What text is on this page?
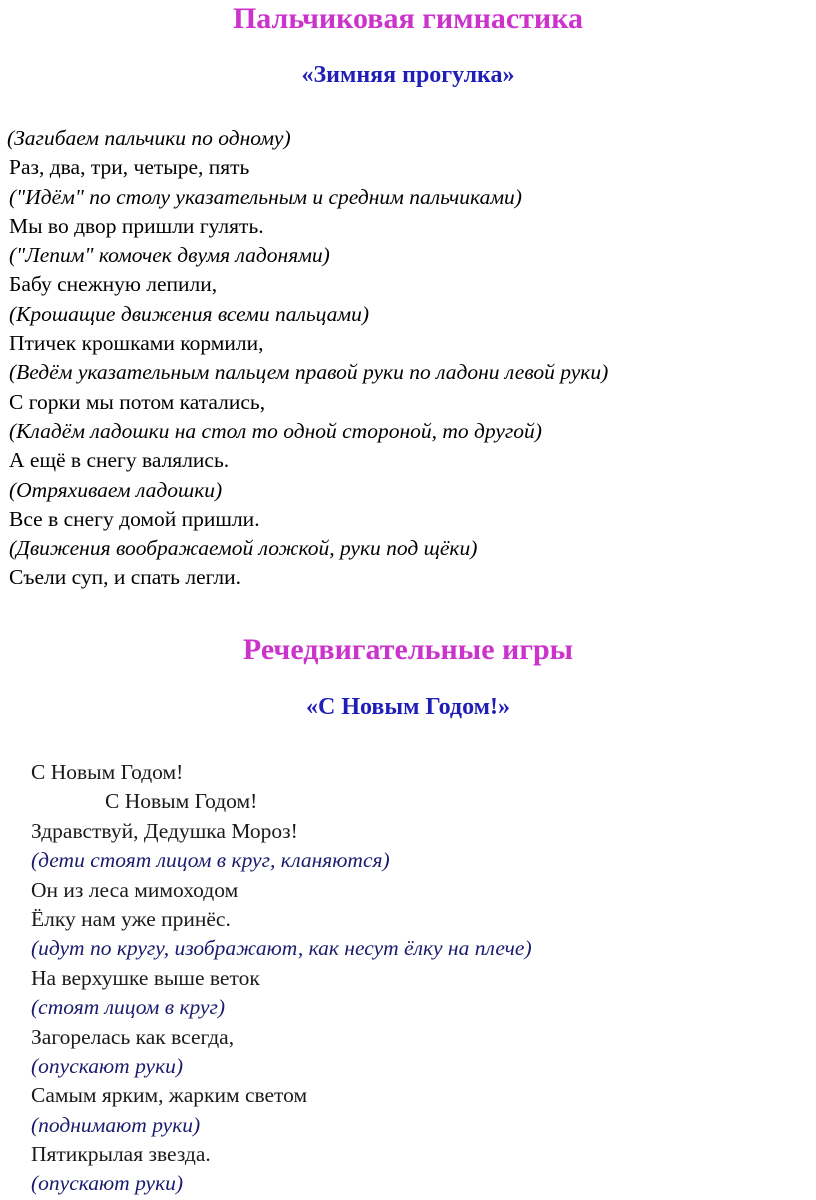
Пальчиковая гимнастика
«Зимняя прогулка»
(Загибаем пальчики по одному)
Раз, два, три, четыре, пять
("Идём" по столу указательным и средним пальчиками)
Мы во двор пришли гулять.
("Лепим" комочек двумя ладонями)
Бабу снежную лепили,
(Крошащие движения всеми пальцами)
Птичек крошками кормили,
(Ведём указательным пальцем правой руки по ладони левой руки)
С горки мы потом катались,
(Кладём ладошки на стол то одной стороной, то другой)
А ещё в снегу валялись.
(Отряхиваем ладошки)
Все в снегу домой пришли.
(Движения воображаемой ложкой, руки под щёки)
Съели суп, и спать легли.
Речедвигательные игры
«С Новым Годом!»
С Новым Годом!
С Новым Годом!
Здравствуй, Дедушка Мороз!
(дети стоят лицом в круг, кланяются)
Он из леса мимоходом
Ёлку нам уже принёс.
(идут по кругу, изображают, как несут ёлку на плече)
На верхушке выше веток
(стоят лицом в круг)
Загорелась как всегда,
(опускают руки)
Самым ярким, жарким светом
(поднимают руки)
Пятикрылая звезда.
(опускают руки)
